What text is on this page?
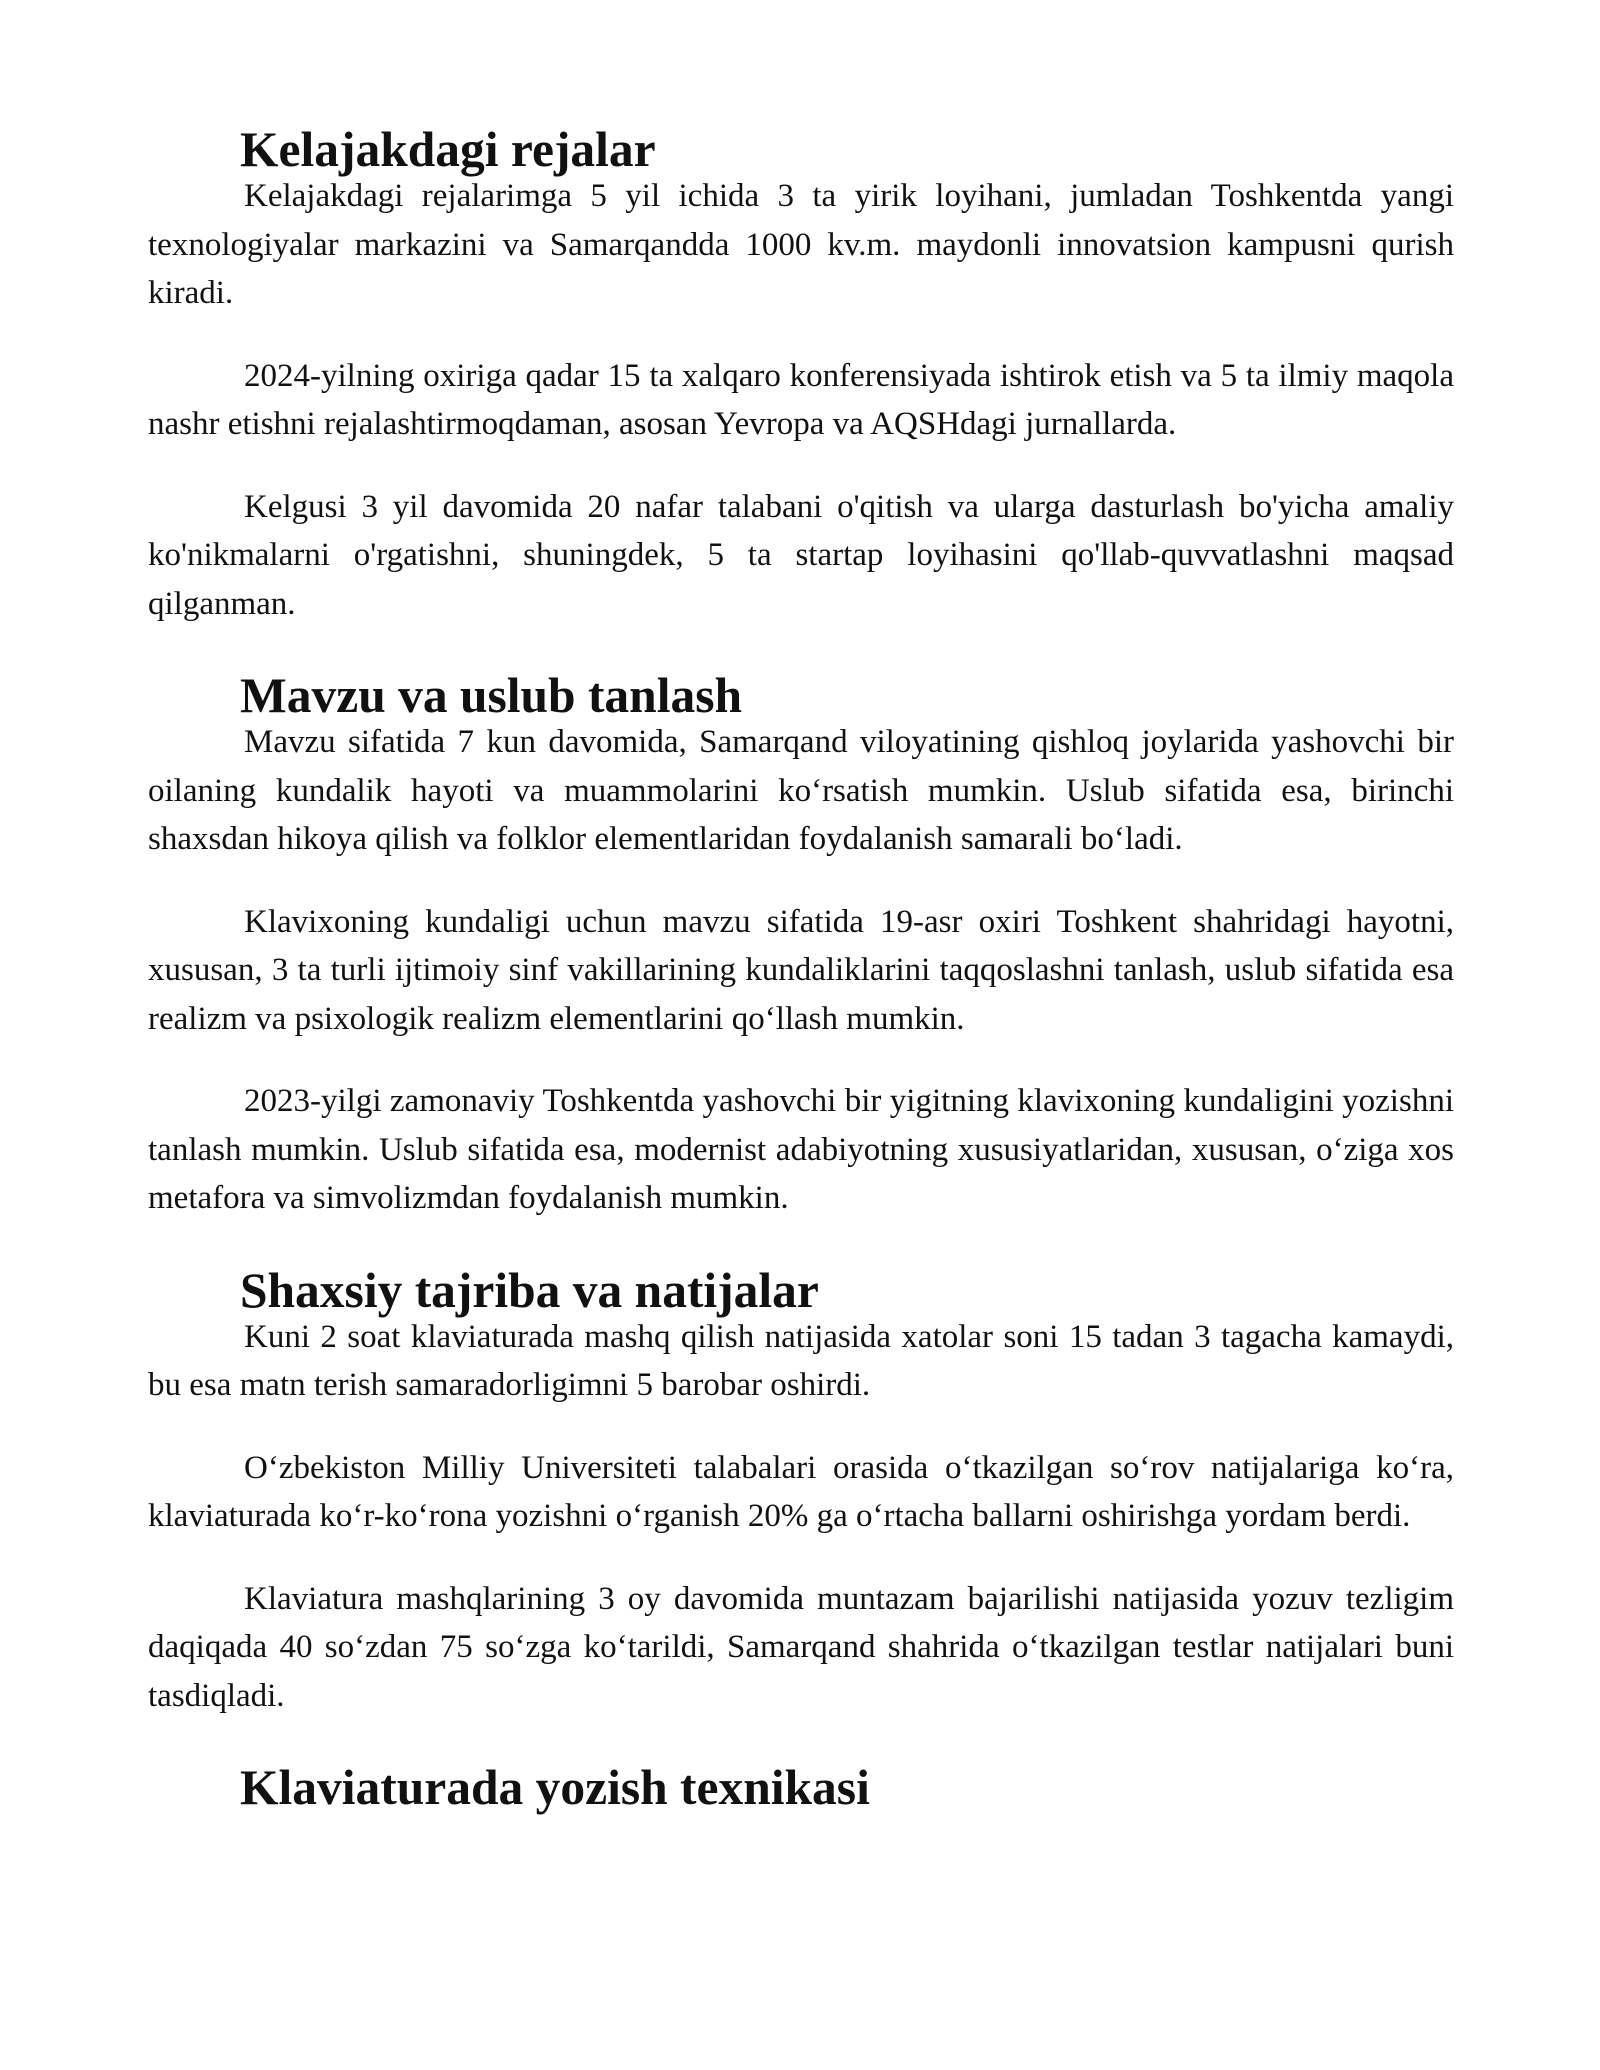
Kelajakdagi rejalar

Kelajakdagi rejalarimga 5 yil ichida 3 ta yirik loyihani, jumladan Toshkentda yangi texnologiyalar markazini va Samarqandda 1000 kv.m. maydonli innovatsion kampusni qurish kiradi.

2024-yilning oxiriga qadar 15 ta xalqaro konferensiyada ishtirok etish va 5 ta ilmiy maqola nashr etishni rejalashtirmoqdaman, asosan Yevropa va AQSHdagi jurnallarda.

Kelgusi 3 yil davomida 20 nafar talabani o'qitish va ularga dasturlash bo'yicha amaliy ko'nikmalarni o'rgatishni, shuningdek, 5 ta startap loyihasini qo'llab-quvvatlashni maqsad qilganman.

Mavzu va uslub tanlash

Mavzu sifatida 7 kun davomida, Samarqand viloyatining qishloq joylarida yashovchi bir oilaning kundalik hayoti va muammolarini koʻrsatish mumkin. Uslub sifatida esa, birinchi shaxsdan hikoya qilish va folklor elementlaridan foydalanish samarali boʻladi.

Klavixoning kundaligi uchun mavzu sifatida 19-asr oxiri Toshkent shahridagi hayotni, xususan, 3 ta turli ijtimoiy sinf vakillarining kundaliklarini taqqoslashni tanlash, uslub sifatida esa realizm va psixologik realizm elementlarini qoʻllash mumkin.

2023-yilgi zamonaviy Toshkentda yashovchi bir yigitning klavixoning kundaligini yozishni tanlash mumkin. Uslub sifatida esa, modernist adabiyotning xususiyatlaridan, xususan, oʻziga xos metafora va simvolizmdan foydalanish mumkin.

Shaxsiy tajriba va natijalar

Kuni 2 soat klaviaturada mashq qilish natijasida xatolar soni 15 tadan 3 tagacha kamaydi, bu esa matn terish samaradorligimni 5 barobar oshirdi.

Oʻzbekiston Milliy Universiteti talabalari orasida oʻtkazilgan soʻrov natijalariga koʻra, klaviaturada koʻr-koʻrona yozishni oʻrganish 20% ga oʻrtacha ballarni oshirishga yordam berdi.

Klaviatura mashqlarining 3 oy davomida muntazam bajarilishi natijasida yozuv tezligim daqiqada 40 soʻzdan 75 soʻzga koʻtarildi, Samarqand shahrida oʻtkazilgan testlar natijalari buni tasdiqladi.

Klaviaturada yozish texnikasi
